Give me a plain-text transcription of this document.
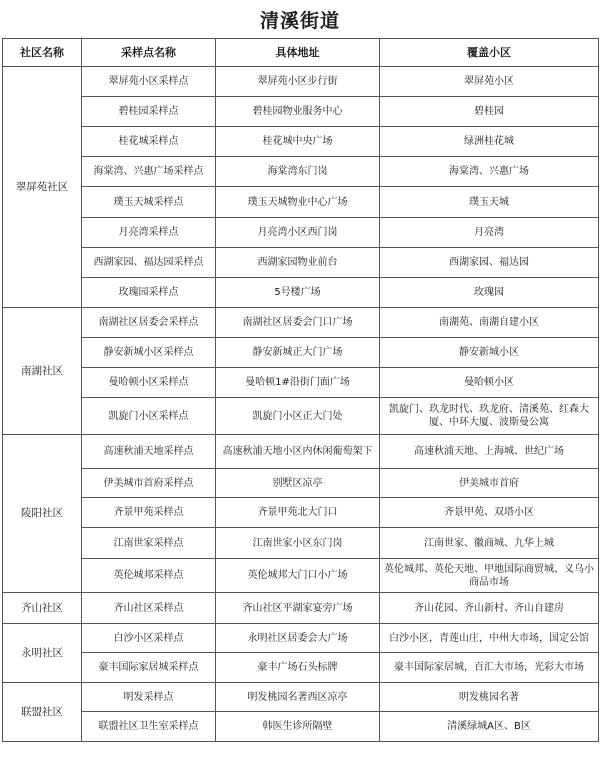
清溪街道
社区名称	采样点名称	具体地址	覆盖小区
翠屏苑社区	翠屏苑小区采样点	翠屏苑小区步行街	翠屏苑小区
	碧桂园采样点	碧桂园物业服务中心	碧桂园
	桂花城采样点	桂花城中央广场	绿洲桂花城
	海棠湾、兴惠广场采样点	海棠湾东门岗	海棠湾、兴惠广场
	璞玉天城采样点	璞玉天城物业中心广场	璞玉天城
	月亮湾采样点	月亮湾小区西门岗	月亮湾
	西湖家园、福达园采样点	西湖家园物业前台	西湖家园、福达园
	玫瑰园采样点	5号楼广场	玫瑰园
南湖社区	南湖社区居委会采样点	南湖社区居委会门口广场	南湖苑、南湖自建小区
	静安新城小区采样点	静安新城正大门广场	静安新城小区
	曼哈顿小区采样点	曼哈顿1#沿街门面广场	曼哈顿小区
	凯旋门小区采样点	凯旋门小区正大门处	凯旋门、玖龙时代、玖龙府、清溪苑、红森大厦、中环大厦、波斯曼公寓
陵阳社区	高速秋浦天地采样点	高速秋浦天地小区内休闲葡萄架下	高速秋浦天地、上海城、世纪广场
	伊美城市首府采样点	别墅区凉亭	伊美城市首府
	齐景甲苑采样点	齐景甲苑北大门口	齐景甲苑、双塔小区
	江南世家采样点	江南世家小区东门岗	江南世家、徽商城、九华上城
	英伦城邦采样点	英伦城邦大门口小广场	英伦城邦、英伦天地、甲地国际商贸城、义乌小商品市场
齐山社区	齐山社区采样点	齐山社区平湖家宴旁广场	齐山花园、齐山新村、齐山自建房
永明社区	白沙小区采样点	永明社区居委会大广场	白沙小区，青莲山庄，中州大市场，国定公馆
	豪丰国际家居城采样点	豪丰广场石头标牌	豪丰国际家居城，百汇大市场，光彩大市场
联盟社区	明发采样点	明发桃园名著西区凉亭	明发桃园名著
	联盟社区卫生室采样点	韩医生诊所隔壁	清溪绿城A区、B区
